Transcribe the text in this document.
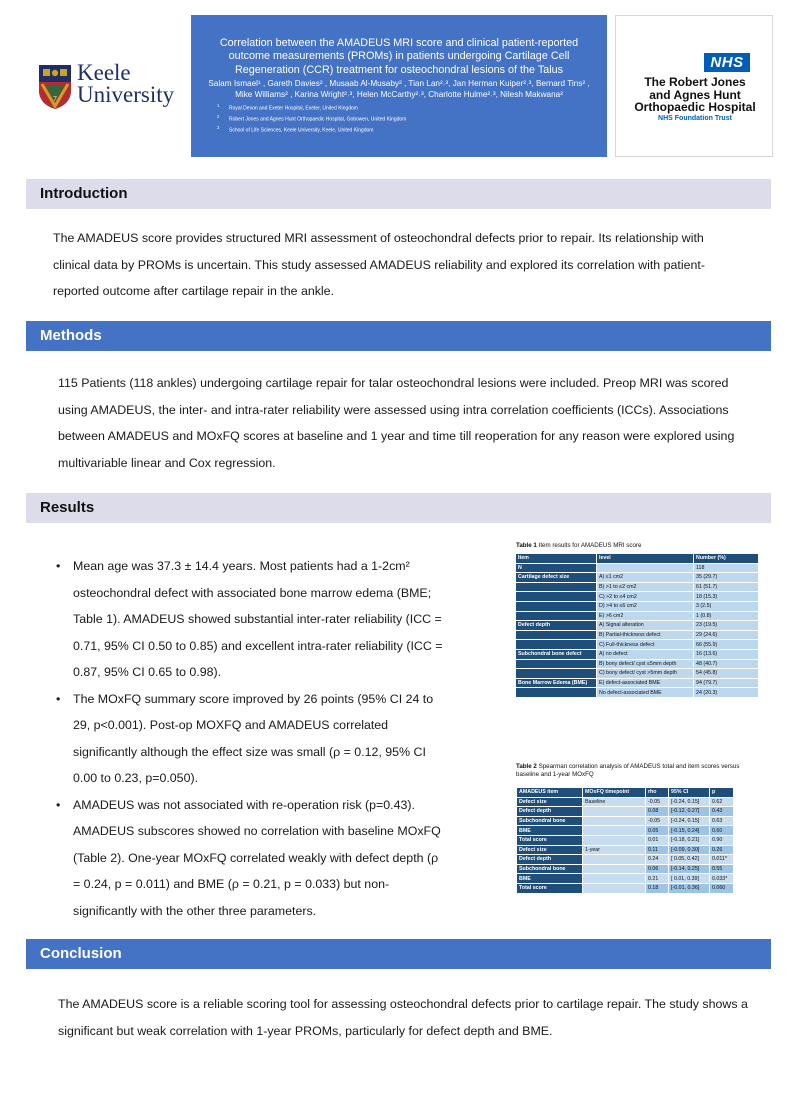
7
Keele
University
Correlation between the AMADEUS MRI score and clinical patient-reported outcome measurements (PROMs) in patients undergoing Cartilage Cell Regeneration (CCR) treatment for osteochondral lesions of the Talus
Salam Ismael¹ , Gareth Davies² , Musaab Al-Musaby² , Tian Lan²˒³, Jan Herman Kuiper²˒³, Bernard Tins² , Mike Williams² , Karina Wright²˒³, Helen McCarthy²˒³, Charlotte Hulme²˒³, Nilesh Makwana²
$^1$Royal Devon and Exeter Hospital, Exeter, United Kingdom
$^2$Robert Jones and Agnes Hunt Orthopaedic Hospital, Gobowen, United Kingdom
$^3$School of Life Sciences, Keele University, Keele, United Kingdom
NHS
The Robert Jones
and Agnes Hunt
Orthopaedic Hospital
NHS Foundation Trust
Introduction
The AMADEUS score provides structured MRI assessment of osteochondral defects prior to repair. Its relationship with clinical data by PROMs is uncertain. This study assessed AMADEUS reliability and explored its correlation with patient-reported outcome after cartilage repair in the ankle.
Methods
115 Patients (118 ankles) undergoing cartilage repair for talar osteochondral lesions were included. Preop MRI was scored using AMADEUS, the inter- and intra-rater reliability were assessed using intra correlation coefficients (ICCs). Associations between AMADEUS and MOxFQ scores at baseline and 1 year and time till reoperation for any reason were explored using multivariable linear and Cox regression.
Results
• Mean age was 37.3 ± 14.4 years. Most patients had a 1-2cm² osteochondral defect with associated bone marrow edema (BME; Table 1). AMADEUS showed substantial inter-rater reliability (ICC = 0.71, 95% CI 0.50 to 0.85) and excellent intra-rater reliability (ICC = 0.87, 95% CI 0.65 to 0.98).
• The MOxFQ summary score improved by 26 points (95% CI 24 to 29, p<0.001). Post-op MOXFQ and AMADEUS correlated significantly although the effect size was small (ρ = 0.12, 95% CI 0.00 to 0.23, p=0.050).
• AMADEUS was not associated with re-operation risk (p=0.43). AMADEUS subscores showed no correlation with baseline MOxFQ (Table 2). One-year MOxFQ correlated weakly with defect depth (ρ = 0.24, p = 0.011) and BME (ρ = 0.21, p = 0.033) but non-significantly with the other three parameters.
Table 1 Item results for AMADEUS MRI score
Item	level	Number (%)
N		118
Cartilage defect size	A) ≤1 cm2	35 (29.7)
	B) >1 to ≤2 cm2	61 (51.7)
	C) >2 to ≤4 cm2	18 (15.3)
	D) >4 to ≤6 cm2	3 (2.5)
	E) >6 cm2	1 (0.8)
Defect depth	A) Signal alteration	23 (19.5)
	B) Partial-thickness defect	29 (24.6)
	C) Full-thickness defect	66 (55.9)
Subchondral bone defect	A) no defect	16 (13.6)
	B) bony defect/ cyst ≤5mm depth	48 (40.7)
	C) bony defect/ cyst >5mm depth	54 (45.8)
Bone Marrow Edema (BME)	E) defect-associated BME	94 (79.7)
	No defect-associated BME	24 (20.3)
Table 2 Spearman correlation analysis of AMADEUS total and item scores versus baseline and 1-year MOxFQ
AMADEUS item	MOxFQ timepoint	rho	95% CI	p
Defect size	Baseline	-0.05	[-0.24, 0.15]	0.62
Defect depth		0.08	[-0.12, 0.27]	0.43
Subchondral bone		-0.05	[-0.24, 0.15]	0.63
BME		0.05	[-0.15, 0.24]	0.60
Total score		0.01	[-0.18, 0.21]	0.90
Defect size	1-year	0.11	[-0.09, 0.30]	0.26
Defect depth		0.24	[ 0.05, 0.42]	0.011*
Subchondral bone		0.06	[-0.14, 0.25]	0.55
BME		0.21	[ 0.01, 0.39]	0.033*
Total score		0.18	[-0.01, 0.36]	0.060
Conclusion
The AMADEUS score is a reliable scoring tool for assessing osteochondral defects prior to cartilage repair. The study shows a significant but weak correlation with 1-year PROMs, particularly for defect depth and BME.
